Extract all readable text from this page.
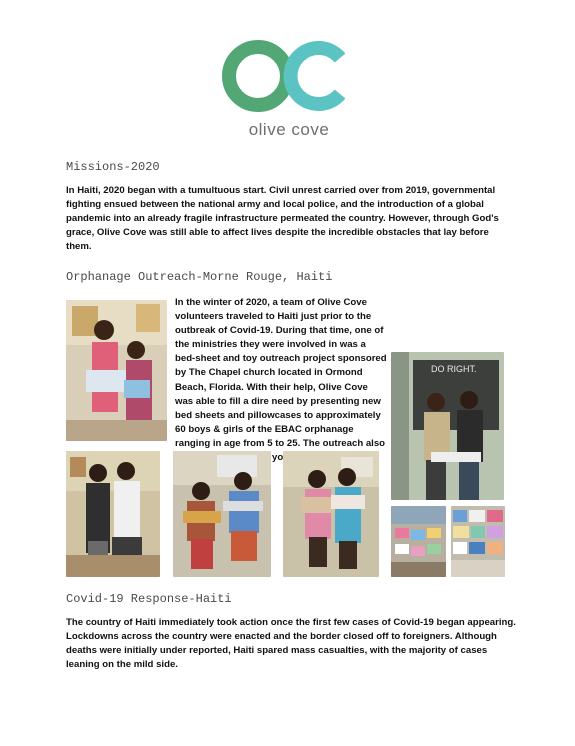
olive cove
Missions-2020

In Haiti, 2020 began with a tumultuous start. Civil unrest carried over from 2019, governmental fighting ensued between the national army and local police, and the introduction of a global pandemic into an already fragile infrastructure permeated the country. However, through God's grace, Olive Cove was still able to affect lives despite the incredible obstacles that lay before them.

Orphanage Outreach-Morne Rouge, Haiti

In the winter of 2020, a team of Olive Cove volunteers traveled to Haiti just prior to the outbreak of Covid-19. During that time, one of the ministries they were involved in was a bed-sheet and toy outreach project sponsored by The Chapel church located in Ormond Beach, Florida. With their help, Olive Cove was able to fill a dire need by presenting new bed sheets and pillowcases to approximately 60 boys & girls of the EBAC orphanage ranging in age from 5 to 25. The outreach also

DO RIGHT.
Covid-19 Response-Haiti

The country of Haiti immediately took action once the first few cases of Covid-19 began appearing. Lockdowns across the country were enacted and the border closed off to foreigners. Although deaths were initially under reported, Haiti spared mass casualties, with the majority of cases leaning on the mild side.
